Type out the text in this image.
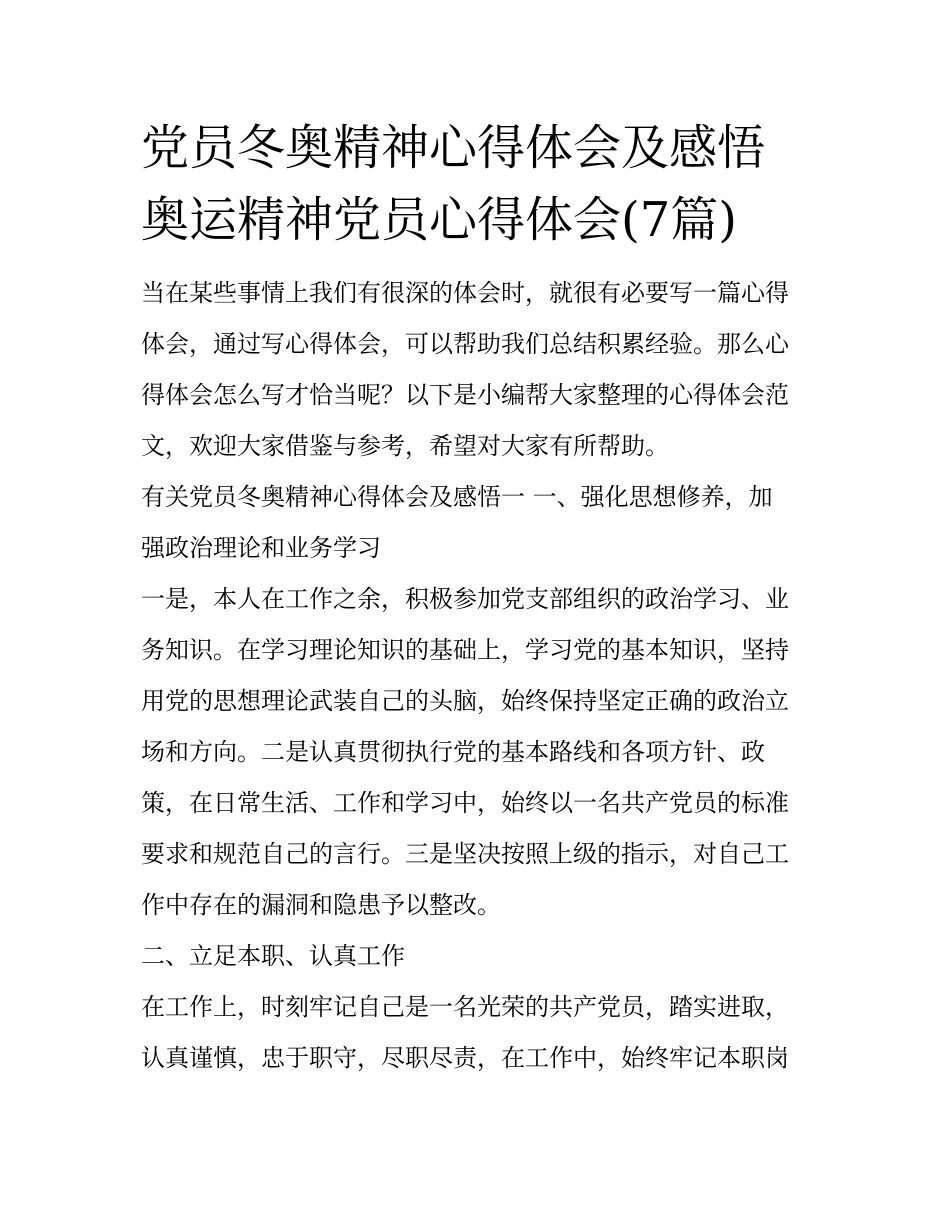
党员冬奥精神心得体会及感悟
奥运精神党员心得体会(7篇)

当在某些事情上我们有很深的体会时，就很有必要写一篇心得
体会，通过写心得体会，可以帮助我们总结积累经验。那么心
得体会怎么写才恰当呢？以下是小编帮大家整理的心得体会范
文，欢迎大家借鉴与参考，希望对大家有所帮助。

有关党员冬奥精神心得体会及感悟一 一、强化思想修养，加
强政治理论和业务学习

一是，本人在工作之余，积极参加党支部组织的政治学习、业
务知识。在学习理论知识的基础上，学习党的基本知识，坚持
用党的思想理论武装自己的头脑，始终保持坚定正确的政治立
场和方向。二是认真贯彻执行党的基本路线和各项方针、政
策，在日常生活、工作和学习中，始终以一名共产党员的标准
要求和规范自己的言行。三是坚决按照上级的指示，对自己工
作中存在的漏洞和隐患予以整改。

二、立足本职、认真工作

在工作上，时刻牢记自己是一名光荣的共产党员，踏实进取，
认真谨慎，忠于职守，尽职尽责，在工作中，始终牢记本职岗
